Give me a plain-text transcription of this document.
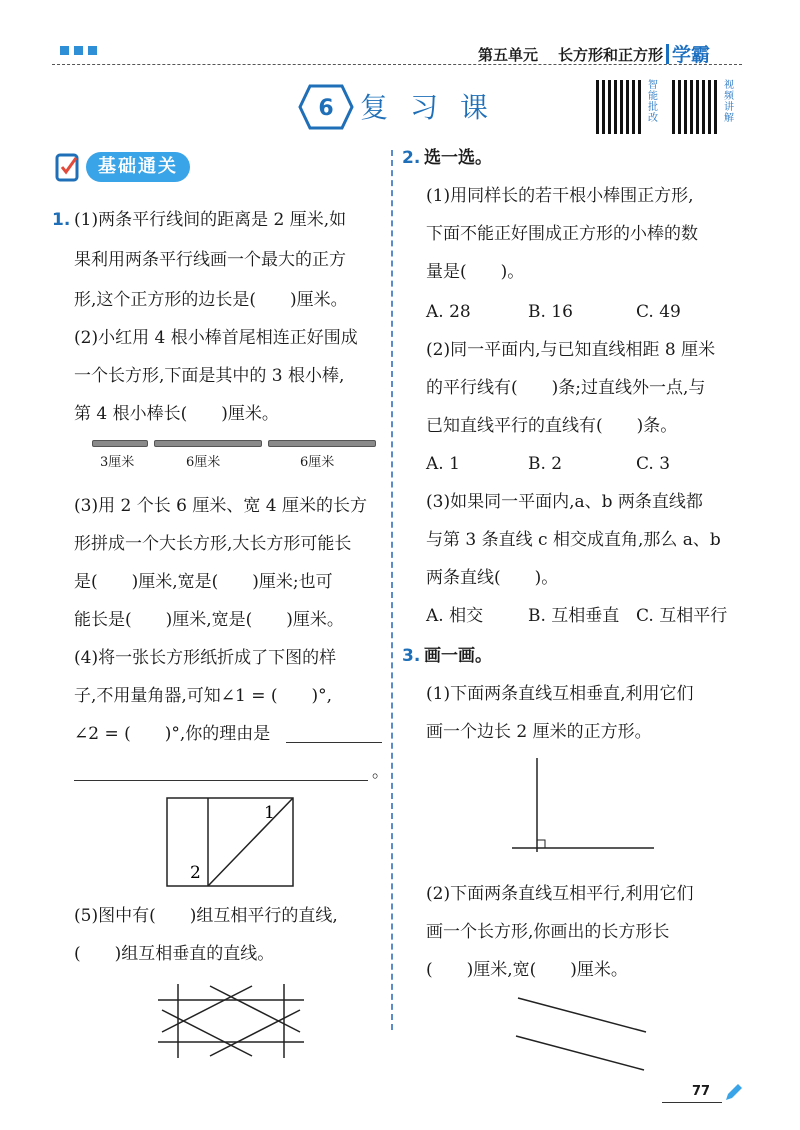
第五单元 长方形和正方形 学霸
6 复习课
智能批改
视频讲解
基础通关
1. (1)两条平行线间的距离是 2 厘米,如
果利用两条平行线画一个最大的正方
形,这个正方形的边长是(　　)厘米。
(2)小红用 4 根小棒首尾相连正好围成
一个长方形,下面是其中的 3 根小棒,
第 4 根小棒长(　　)厘米。
3厘米	6厘米	6厘米
(3)用 2 个长 6 厘米、宽 4 厘米的长方
形拼成一个大长方形,大长方形可能长
是(　　)厘米,宽是(　　)厘米;也可
能长是(　　)厘米,宽是(　　)厘米。
(4)将一张长方形纸折成了下图的样
子,不用量角器,可知∠1 = (　　)°,
∠2 = (　　)°,你的理由是
。
1
2
(5)图中有(　　)组互相平行的直线,
(　　)组互相垂直的直线。
2. 选一选。
(1)用同样长的若干根小棒围正方形,
下面不能正好围成正方形的小棒的数
量是(　　)。
A. 28	B. 16	C. 49
(2)同一平面内,与已知直线相距 8 厘米
的平行线有(　　)条;过直线外一点,与
已知直线平行的直线有(　　)条。
A. 1	B. 2	C. 3
(3)如果同一平面内,a、b 两条直线都
与第 3 条直线 c 相交成直角,那么 a、b
两条直线(　　)。
A. 相交	B. 互相垂直 C. 互相平行
3. 画一画。
(1)下面两条直线互相垂直,利用它们
画一个边长 2 厘米的正方形。
(2)下面两条直线互相平行,利用它们
画一个长方形,你画出的长方形长
(　　)厘米,宽(　　)厘米。
77
